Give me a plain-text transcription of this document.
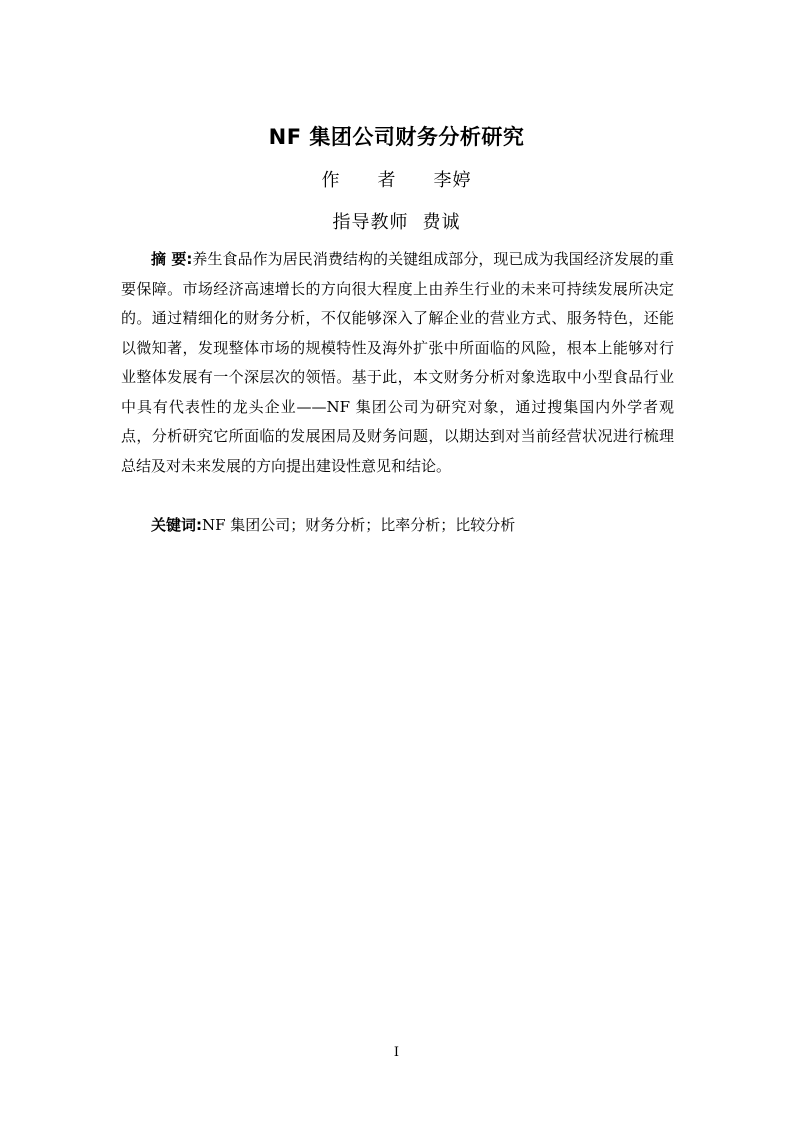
NF 集团公司财务分析研究
作者李婷
指导教师 费诚

摘 要:养生食品作为居民消费结构的关键组成部分，现已成为我国经济发展的重要保障。市场经济高速增长的方向很大程度上由养生行业的未来可持续发展所决定的。通过精细化的财务分析，不仅能够深入了解企业的营业方式、服务特色，还能以微知著，发现整体市场的规模特性及海外扩张中所面临的风险，根本上能够对行业整体发展有一个深层次的领悟。基于此，本文财务分析对象选取中小型食品行业中具有代表性的龙头企业——NF 集团公司为研究对象，通过搜集国内外学者观点，分析研究它所面临的发展困局及财务问题，以期达到对当前经营状况进行梳理总结及对未来发展的方向提出建设性意见和结论。

关键词:NF 集团公司；财务分析；比率分析；比较分析

I
